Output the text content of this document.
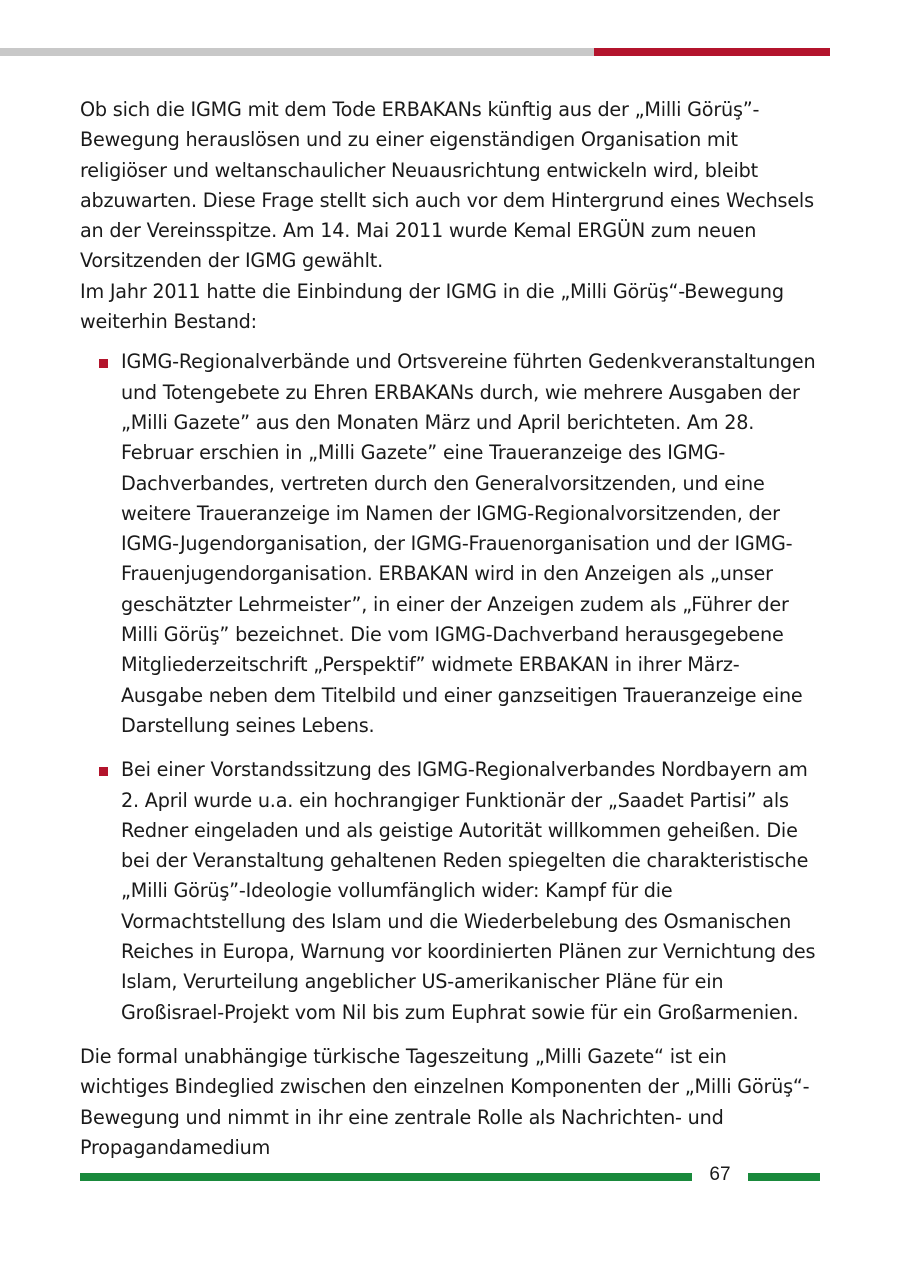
Ob sich die IGMG mit dem Tode ERBAKANs künftig aus der „Milli Görüş”-Bewegung herauslösen und zu einer eigenständigen Organisation mit religiöser und weltanschaulicher Neuausrichtung entwickeln wird, bleibt abzuwarten. Diese Frage stellt sich auch vor dem Hintergrund eines Wechsels an der Vereinsspitze. Am 14. Mai 2011 wurde Kemal ERGÜN zum neuen Vorsitzenden der IGMG gewählt.

Im Jahr 2011 hatte die Einbindung der IGMG in die „Milli Görüş“-Bewegung weiterhin Bestand:

IGMG-Regionalverbände und Ortsvereine führten Gedenkveranstaltungen und Totengebete zu Ehren ERBAKANs durch, wie mehrere Ausgaben der „Milli Gazete” aus den Monaten März und April berichteten. Am 28. Februar erschien in „Milli Gazete” eine Traueranzeige des IGMG-Dachverbandes, vertreten durch den Generalvorsitzenden, und eine weitere Traueranzeige im Namen der IGMG-Regionalvorsitzenden, der IGMG-Jugendorganisation, der IGMG-Frauenorganisation und der IGMG-Frauenjugendorganisation. ERBAKAN wird in den Anzeigen als „unser geschätzter Lehrmeister”, in einer der Anzeigen zudem als „Führer der Milli Görüş” bezeichnet. Die vom IGMG-Dachverband herausgegebene Mitgliederzeitschrift „Perspektif” widmete ERBAKAN in ihrer März-Ausgabe neben dem Titelbild und einer ganzseitigen Traueranzeige eine Darstellung seines Lebens.
Bei einer Vorstandssitzung des IGMG-Regionalverbandes Nordbayern am 2. April wurde u.a. ein hochrangiger Funktionär der „Saadet Partisi” als Redner eingeladen und als geistige Autorität willkommen geheißen. Die bei der Veranstaltung gehaltenen Reden spiegelten die charakteristische „Milli Görüş”-Ideologie vollumfänglich wider: Kampf für die Vormachtstellung des Islam und die Wiederbelebung des Osmanischen Reiches in Europa, Warnung vor koordinierten Plänen zur Vernichtung des Islam, Verurteilung angeblicher US-amerikanischer Pläne für ein Großisrael-Projekt vom Nil bis zum Euphrat sowie für ein Großarmenien.

Die formal unabhängige türkische Tageszeitung „Milli Gazete“ ist ein wichtiges Bindeglied zwischen den einzelnen Komponenten der „Milli Görüş“-Bewegung und nimmt in ihr eine zentrale Rolle als Nachrichten- und Propagandamedium

67
